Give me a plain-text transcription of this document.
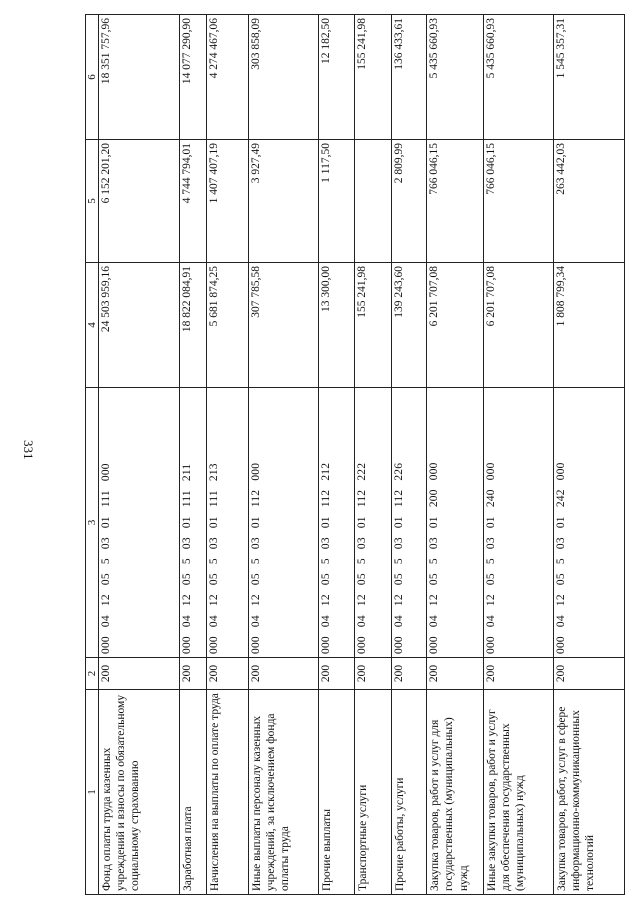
331
1	2	3	4	5	6
Фонд оплаты труда казенных учреждений и взносы по обязательному социальному страхованию	200	000 04 12 05 5 03 01 111 000	24 503 959,16	6 152 201,20	18 351 757,96
Заработная плата	200	000 04 12 05 5 03 01 111 211	18 822 084,91	4 744 794,01	14 077 290,90
Начисления на выплаты по оплате труда	200	000 04 12 05 5 03 01 111 213	5 681 874,25	1 407 407,19	4 274 467,06
Иные выплаты персоналу казенных учреждений, за исключением фонда оплаты труда	200	000 04 12 05 5 03 01 112 000	307 785,58	3 927,49	303 858,09
Прочие выплаты	200	000 04 12 05 5 03 01 112 212	13 300,00	1 117,50	12 182,50
Транспортные услуги	200	000 04 12 05 5 03 01 112 222	155 241,98		155 241,98
Прочие работы, услуги	200	000 04 12 05 5 03 01 112 226	139 243,60	2 809,99	136 433,61
Закупка товаров, работ и услуг для государственных (муниципальных) нужд	200	000 04 12 05 5 03 01 200 000	6 201 707,08	766 046,15	5 435 660,93
Иные закупки товаров, работ и услуг для обеспечения государственных (муниципальных) нужд	200	000 04 12 05 5 03 01 240 000	6 201 707,08	766 046,15	5 435 660,93
Закупка товаров, работ, услуг в сфере информационно-коммуникационных технологий	200	000 04 12 05 5 03 01 242 000	1 808 799,34	263 442,03	1 545 357,31
